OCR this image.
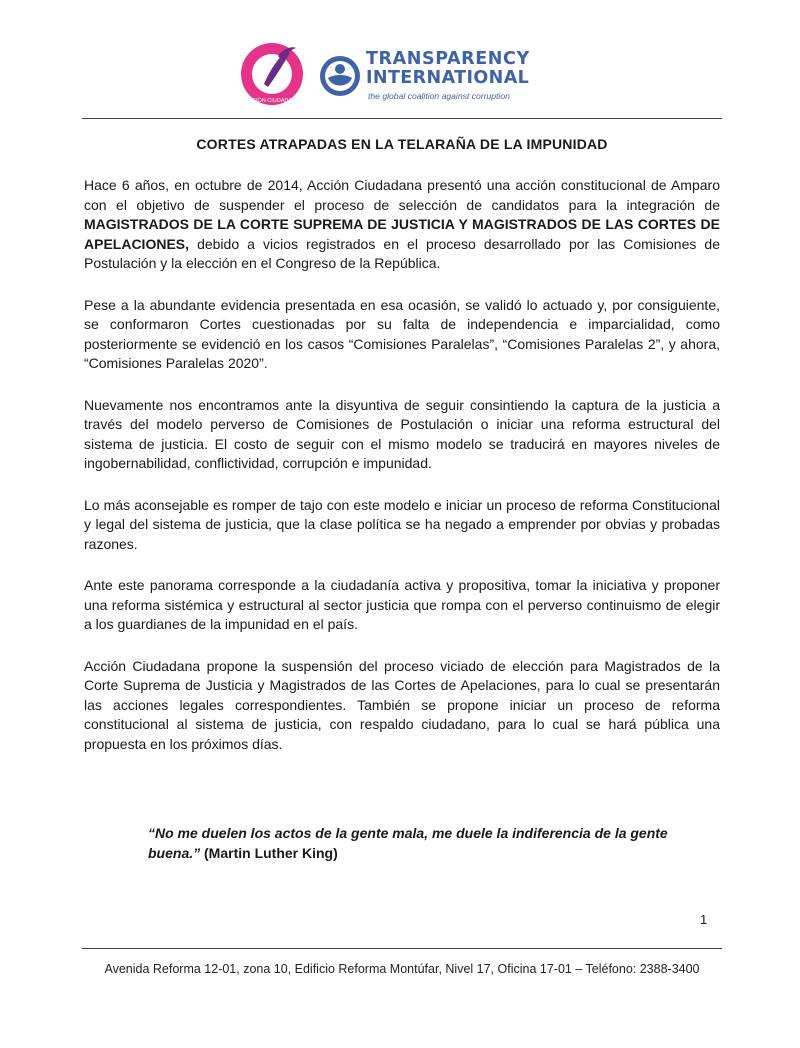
ACCIÓN CIUDADANA
TRANSPARENCY
INTERNATIONAL
the global coalition against corruption
CORTES ATRAPADAS EN LA TELARAÑA DE LA IMPUNIDAD

Hace 6 años, en octubre de 2014, Acción Ciudadana presentó una acción constitucional de Amparo con el objetivo de suspender el proceso de selección de candidatos para la integración de MAGISTRADOS DE LA CORTE SUPREMA DE JUSTICIA Y MAGISTRADOS DE LAS CORTES DE APELACIONES, debido a vicios registrados en el proceso desarrollado por las Comisiones de Postulación y la elección en el Congreso de la República.

Pese a la abundante evidencia presentada en esa ocasión, se validó lo actuado y, por consiguiente, se conformaron Cortes cuestionadas por su falta de independencia e imparcialidad, como posteriormente se evidenció en los casos “Comisiones Paralelas”, “Comisiones Paralelas 2”, y ahora, “Comisiones Paralelas 2020”.

Nuevamente nos encontramos ante la disyuntiva de seguir consintiendo la captura de la justicia a través del modelo perverso de Comisiones de Postulación o iniciar una reforma estructural del sistema de justicia. El costo de seguir con el mismo modelo se traducirá en mayores niveles de ingobernabilidad, conflictividad, corrupción e impunidad.

Lo más aconsejable es romper de tajo con este modelo e iniciar un proceso de reforma Constitucional y legal del sistema de justicia, que la clase política se ha negado a emprender por obvias y probadas razones.

Ante este panorama corresponde a la ciudadanía activa y propositiva, tomar la iniciativa y proponer una reforma sistémica y estructural al sector justicia que rompa con el perverso continuismo de elegir a los guardianes de la impunidad en el país.

Acción Ciudadana propone la suspensión del proceso viciado de elección para Magistrados de la Corte Suprema de Justicia y Magistrados de las Cortes de Apelaciones, para lo cual se presentarán las acciones legales correspondientes. También se propone iniciar un proceso de reforma constitucional al sistema de justicia, con respaldo ciudadano, para lo cual se hará pública una propuesta en los próximos días.

“No me duelen los actos de la gente mala, me duele la indiferencia de la gente buena.” (Martin Luther King)
1
Avenida Reforma 12-01, zona 10, Edificio Reforma Montúfar, Nivel 17, Oficina 17-01 – Teléfono: 2388-3400
